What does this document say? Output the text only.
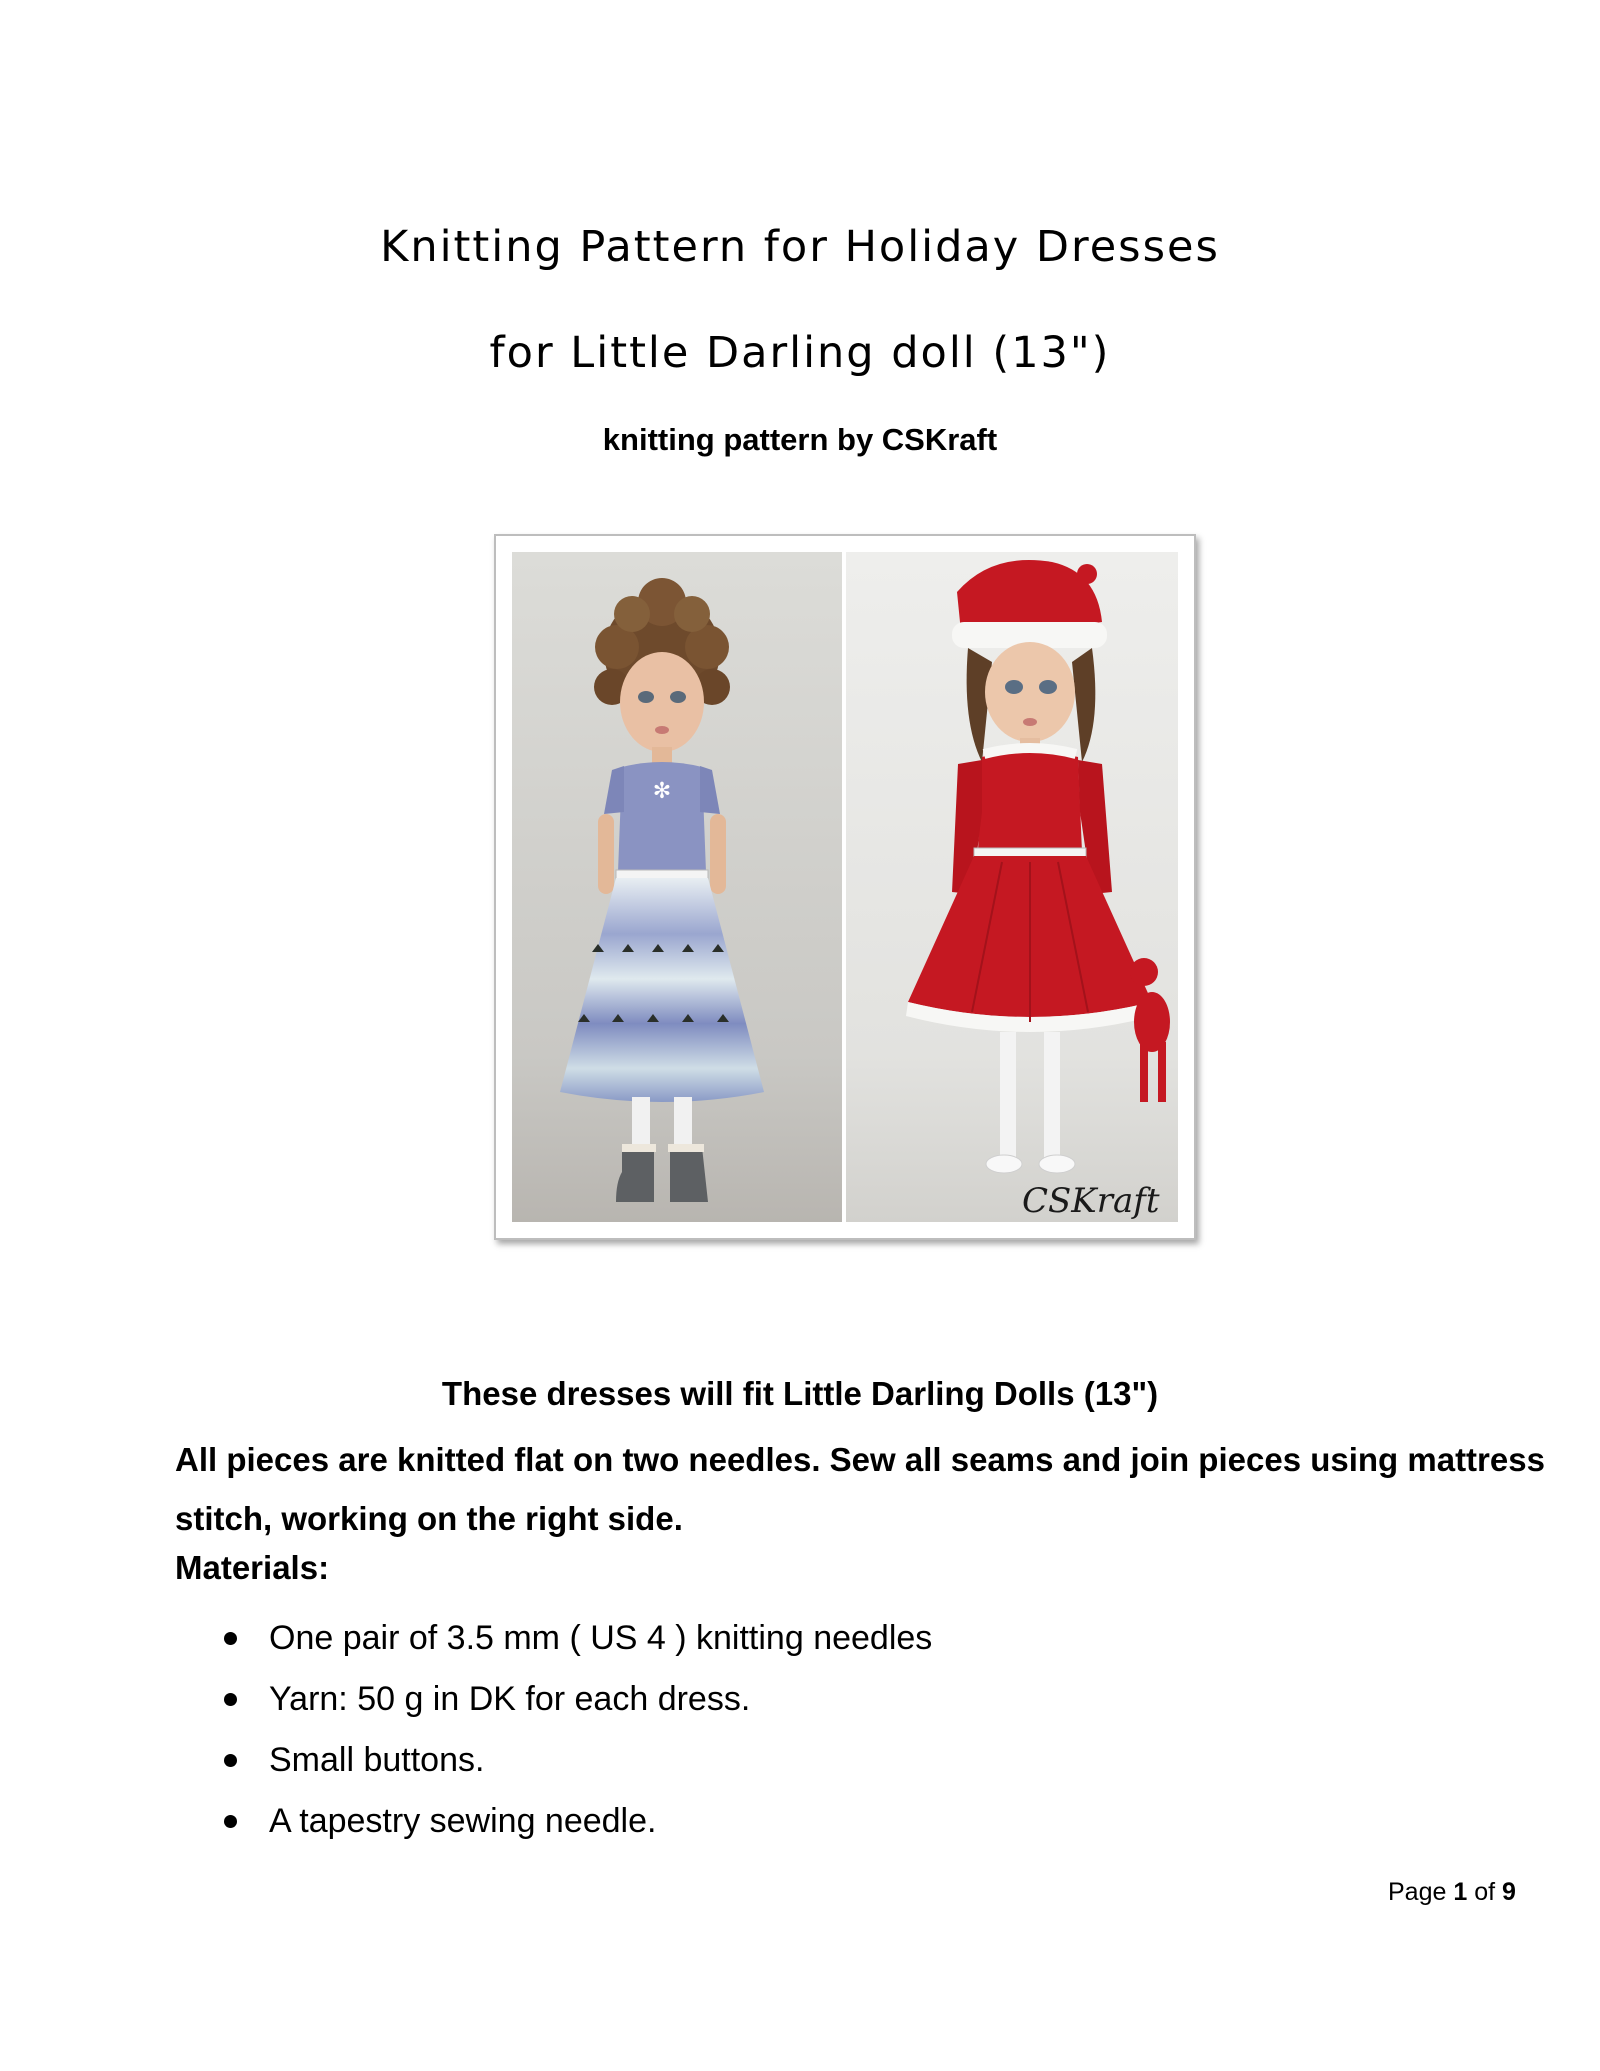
Knitting Pattern for Holiday Dresses
for Little Darling doll (13")
knitting pattern by CSKraft
✻
CSKraft
These dresses will fit Little Darling Dolls (13")

All pieces are knitted flat on two needles. Sew all seams and join pieces using mattress stitch, working on the right side.

Materials:
One pair of 3.5 mm ( US 4 ) knitting needles
Yarn: 50 g in DK for each dress.
Small buttons.
A tapestry sewing needle.
Page 1 of 9
